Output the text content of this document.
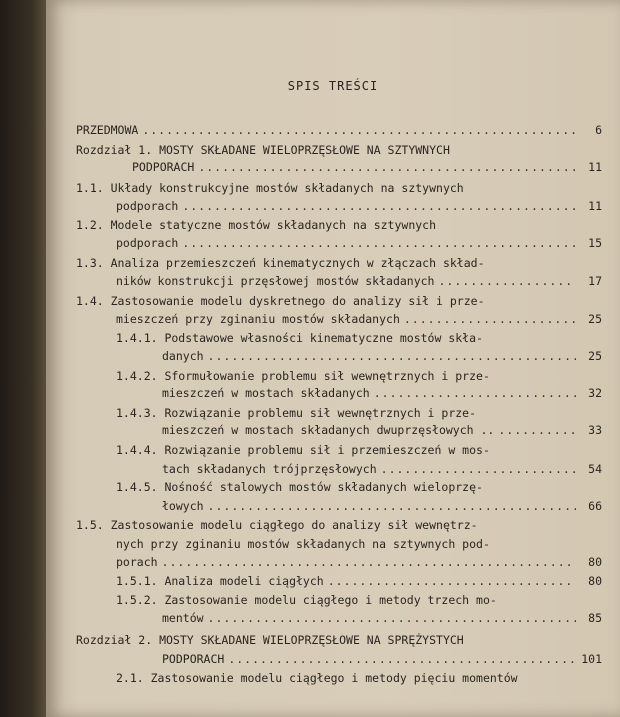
SPIS TREŚCI
PRZEDMOWA .....	6
Rozdział 1. MOSTY SKŁADANE WIELOPRZĘSŁOWE NA SZTYWNYCH
PODPORACH .....	11
1.1. Układy konstrukcyjne mostów składanych na sztywnych
podporach .....	11
1.2. Modele statyczne mostów składanych na sztywnych
podporach .....	15
1.3. Analiza przemieszczeń kinematycznych w złączach skład-
ników konstrukcji przęsłowej mostów składanych .....	17
1.4. Zastosowanie modelu dyskretnego do analizy sił i prze-
mieszczeń przy zginaniu mostów składanych .....	25
1.4.1. Podstawowe własności kinematyczne mostów skła-
danych .....	25
1.4.2. Sformułowanie problemu sił wewnętrznych i prze-
mieszczeń w mostach składanych .....	32
1.4.3. Rozwiązanie problemu sił wewnętrznych i prze-
mieszczeń w mostach składanych dwuprzęsłowych .. .....	33
1.4.4. Rozwiązanie problemu sił i przemieszczeń w mos-
tach składanych trójprzęsłowych .....	54
1.4.5. Nośność stalowych mostów składanych wieloprzę-
łowych .....	66
1.5. Zastosowanie modelu ciągłego do analizy sił wewnętrz-
nych przy zginaniu mostów składanych na sztywnych pod-
porach .....	80
1.5.1. Analiza modeli ciągłych .....	80
1.5.2. Zastosowanie modelu ciągłego i metody trzech mo-
mentów .....	85
Rozdział 2. MOSTY SKŁADANE WIELOPRZĘSŁOWE NA SPRĘŻYSTYCH
PODPORACH .....	101
2.1. Zastosowanie modelu ciągłego i metody pięciu momentów
